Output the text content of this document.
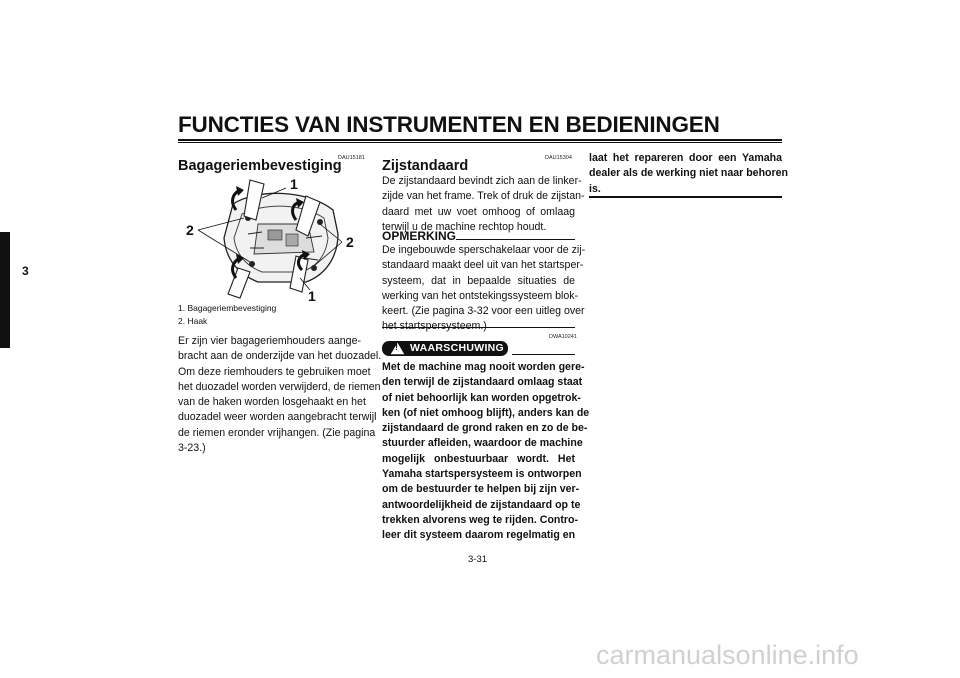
FUNCTIES VAN INSTRUMENTEN EN BEDIENINGEN
3
DAU15181
Bagageriembevestiging
1
2
2
1
1. Bagageriembevestiging
2. Haak
Er zijn vier bagageriemhouders aange-
bracht aan de onderzijde van het duozadel.
Om deze riemhouders te gebruiken moet
het duozadel worden verwijderd, de riemen
van de haken worden losgehaakt en het
duozadel weer worden aangebracht terwijl
de riemen eronder vrijhangen. (Zie pagina
3-23.)
DAU15304
Zijstandaard
De zijstandaard bevindt zich aan de linker-
zijde van het frame. Trek of druk de zijstan-
daard met uw voet omhoog of omlaag
terwijl u de machine rechtop houdt.
OPMERKING
De ingebouwde sperschakelaar voor de zij-
standaard maakt deel uit van het startsper-
systeem, dat in bepaalde situaties de
werking van het ontstekingssysteem blok-
keert. (Zie pagina 3-32 voor een uitleg over
DWA10241
! WAARSCHUWING
Met de machine mag nooit worden gere-
den terwijl de zijstandaard omlaag staat
of niet behoorlijk kan worden opgetrok-
ken (of niet omhoog blijft), anders kan de
zijstandaard de grond raken en zo de be-
stuurder afleiden, waardoor de machine
mogelijk onbestuurbaar wordt. Het
Yamaha startspersysteem is ontworpen
om de bestuurder te helpen bij zijn ver-
antwoordelijkheid de zijstandaard op te
trekken alvorens weg te rijden. Contro-
leer dit systeem daarom regelmatig en
laat het repareren door een Yamaha
dealer als de werking niet naar behoren
is.
3-31
carmanualsonline.info
